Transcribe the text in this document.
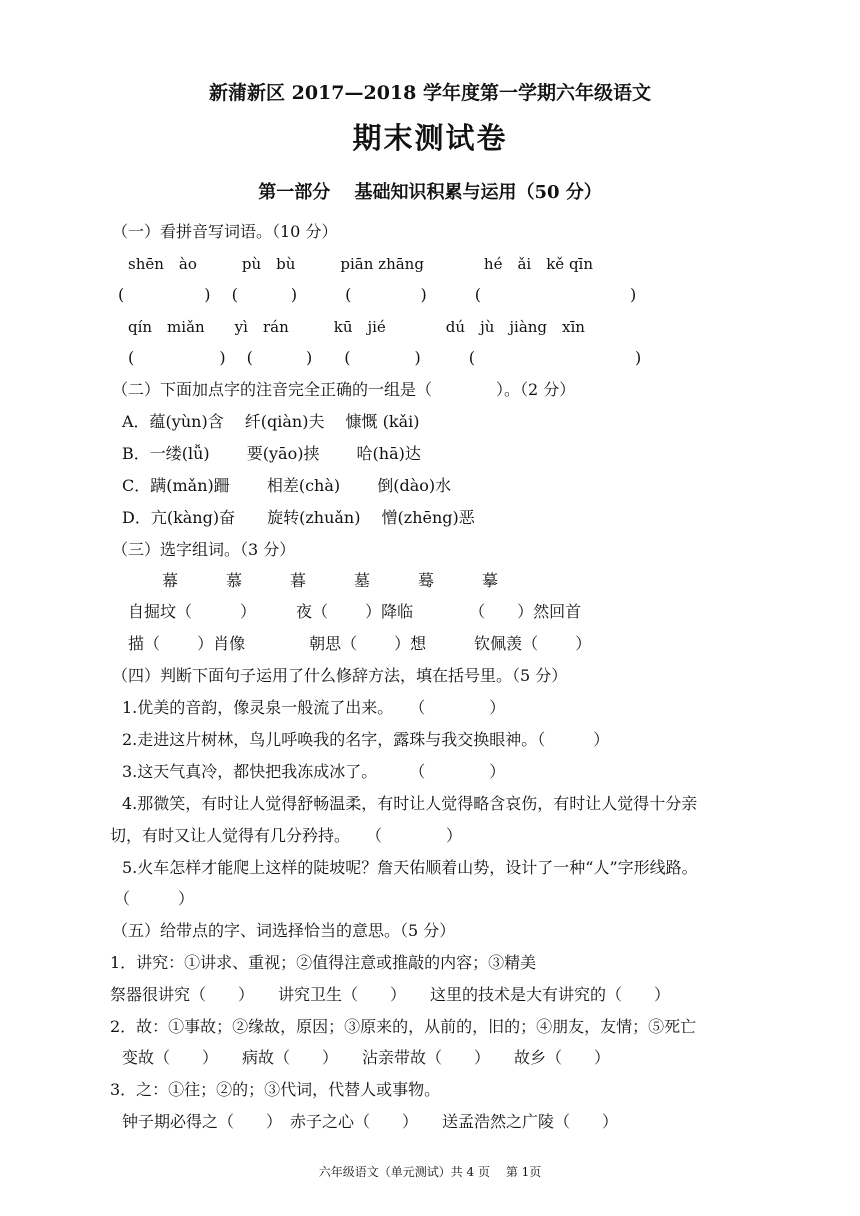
新蒲新区 2017—2018 学年度第一学期六年级语文
期末测试卷
第一部分　 基础知识积累与运用（50 分）
（一）看拼音写词语。（10 分）
shēn　ào　　　pù　bù　　　piān zhāng　　　　hé　ǎi　kě qīn
(　　　　　)　 (　　　 )　　　(　　　　 )　　　(　　　　　　　　　 )
qín　miǎn　　yì　rán　　　kū　jié　　　　dú　jù　jiàng　xīn
(　　　　　 )　 (　　　 )　　(　　　　)　　　(　　　　　　　　　　)
（二）下面加点字的注音完全正确的一组是（　　　　）。（2 分）
A．蕴(yùn)含　 纤(qiàn)夫　 慷慨 (kǎi)
B．一缕(lǚ)　　 要(yāo)挟　　 哈(hā)达
C．蹒(mǎn)跚　　 相差(chà)　　 倒(dào)水
D．亢(kàng)奋　　旋转(zhuǎn)　 憎(zhēng)恶
（三）选字组词。（3 分）
幕　　　慕　　　暮　　　墓　　　蓦　　　摹
自掘坟（　　　）　　　夜（　　 ）降临　　　　（　　）然回首
描（　　 ）肖像　　　　朝思（　　 ）想　　　钦佩羡（　　 ）
（四）判断下面句子运用了什么修辞方法，填在括号里。（5 分）
1.优美的音韵，像灵泉一般流了出来。　　（　　　　）
2.走进这片树林，鸟儿呼唤我的名字，露珠与我交换眼神。（　　　）
3.这天气真冷，都快把我冻成冰了。　　　（　　　　）
4.那微笑，有时让人觉得舒畅温柔，有时让人觉得略含哀伤，有时让人觉得十分亲
切，有时又让人觉得有几分矜持。　　（　　　　）
5.火车怎样才能爬上这样的陡坡呢？詹天佑顺着山势，设计了一种“人”字形线路。
（　　　）
（五）给带点的字、词选择恰当的意思。（5 分）
1．讲究：①讲求、重视；②值得注意或推敲的内容；③精美
祭器很讲究（　　）　　讲究卫生（　　）　　这里的技术是大有讲究的（　　）
2．故：①事故；②缘故，原因；③原来的，从前的，旧的；④朋友，友情；⑤死亡
变故（　　）　　病故（　　）　　沾亲带故（　　）　　故乡（　　）
3．之：①往；②的；③代词，代替人或事物。
钟子期必得之（　　）　赤子之心（　　）　　送孟浩然之广陵（　　）
六年级语文（单元测试）共 4 页　 第 1页
